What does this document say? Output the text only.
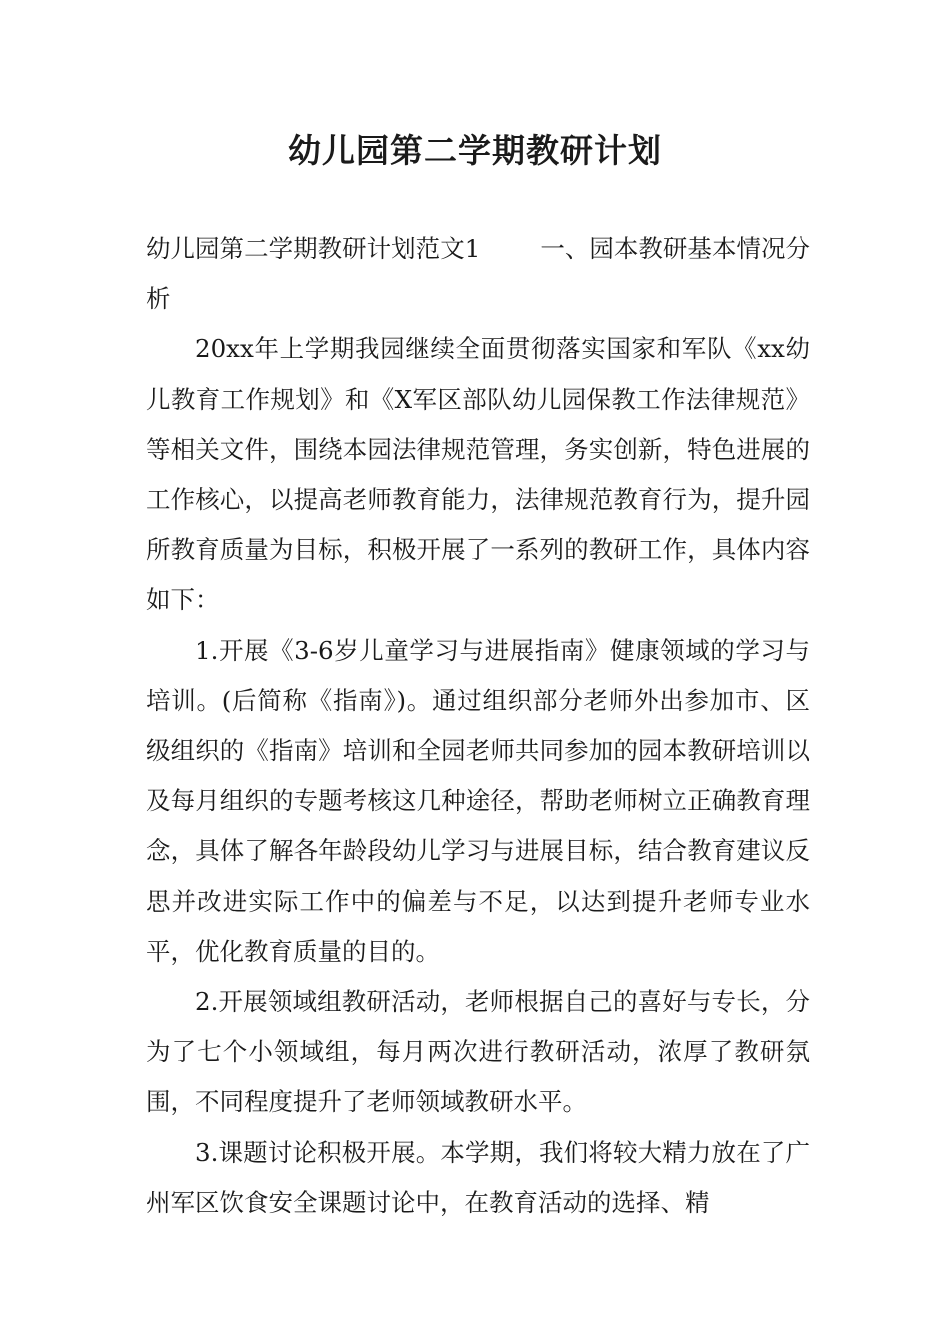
幼儿园第二学期教研计划

幼儿园第二学期教研计划范文1 一、园本教研基本情况分析

20xx年上学期我园继续全面贯彻落实国家和军队《xx幼儿教育工作规划》和《X军区部队幼儿园保教工作法律规范》等相关文件，围绕本园法律规范管理，务实创新，特色进展的工作核心，以提高老师教育能力，法律规范教育行为，提升园所教育质量为目标，积极开展了一系列的教研工作，具体内容如下：

1.开展《3-6岁儿童学习与进展指南》健康领域的学习与培训。(后简称《指南》)。通过组织部分老师外出参加市、区级组织的《指南》培训和全园老师共同参加的园本教研培训以及每月组织的专题考核这几种途径，帮助老师树立正确教育理念，具体了解各年龄段幼儿学习与进展目标，结合教育建议反思并改进实际工作中的偏差与不足，以达到提升老师专业水平，优化教育质量的目的。

2.开展领域组教研活动，老师根据自己的喜好与专长，分为了七个小领域组，每月两次进行教研活动，浓厚了教研氛围，不同程度提升了老师领域教研水平。

3.课题讨论积极开展。本学期，我们将较大精力放在了广州军区饮食安全课题讨论中，在教育活动的选择、精
